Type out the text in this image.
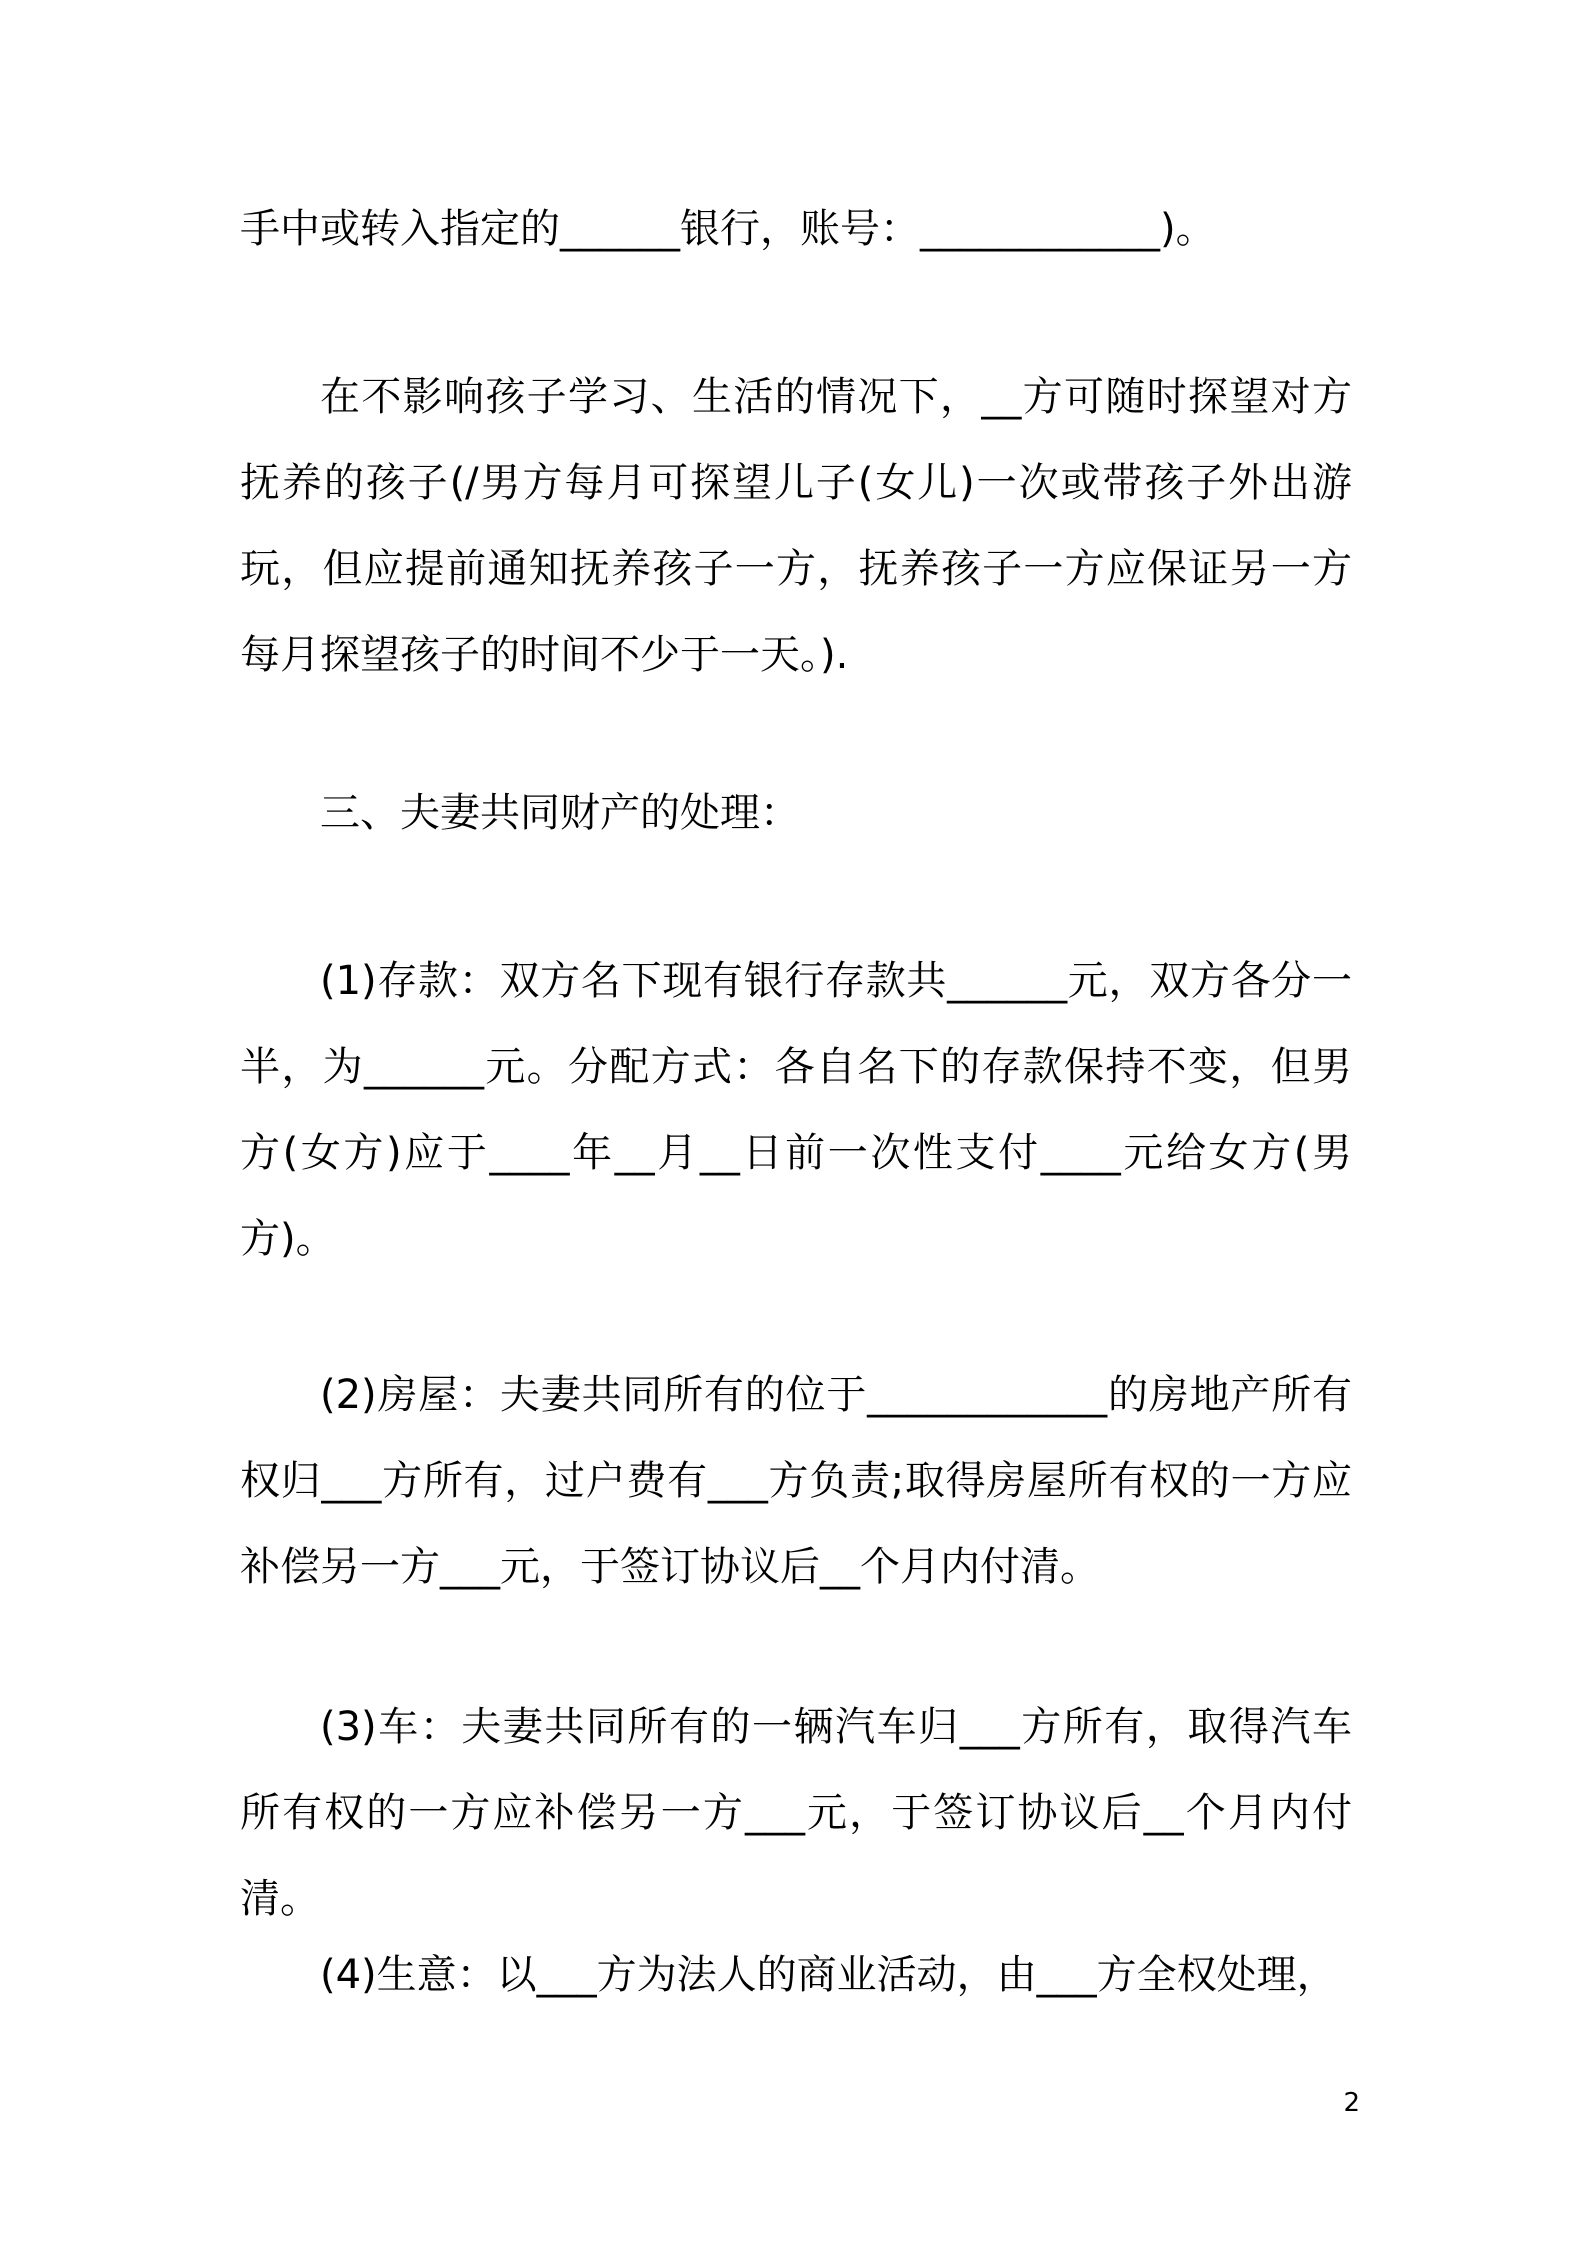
手中或转入指定的______银行，账号：____________)。

在不影响孩子学习、生活的情况下，__方可随时探望对方抚养的孩子(/男方每月可探望儿子(女儿)一次或带孩子外出游玩，但应提前通知抚养孩子一方，抚养孩子一方应保证另一方每月探望孩子的时间不少于一天。).

三、夫妻共同财产的处理：

(1)存款：双方名下现有银行存款共______元，双方各分一半，为______元。分配方式：各自名下的存款保持不变，但男方(女方)应于____年__月__日前一次性支付____元给女方(男方)。

(2)房屋：夫妻共同所有的位于____________的房地产所有权归___方所有，过户费有___方负责;取得房屋所有权的一方应补偿另一方___元，于签订协议后__个月内付清。

(3)车：夫妻共同所有的一辆汽车归___方所有，取得汽车所有权的一方应补偿另一方___元，于签订协议后__个月内付清。

(4)生意：以___方为法人的商业活动，由___方全权处理，

2
